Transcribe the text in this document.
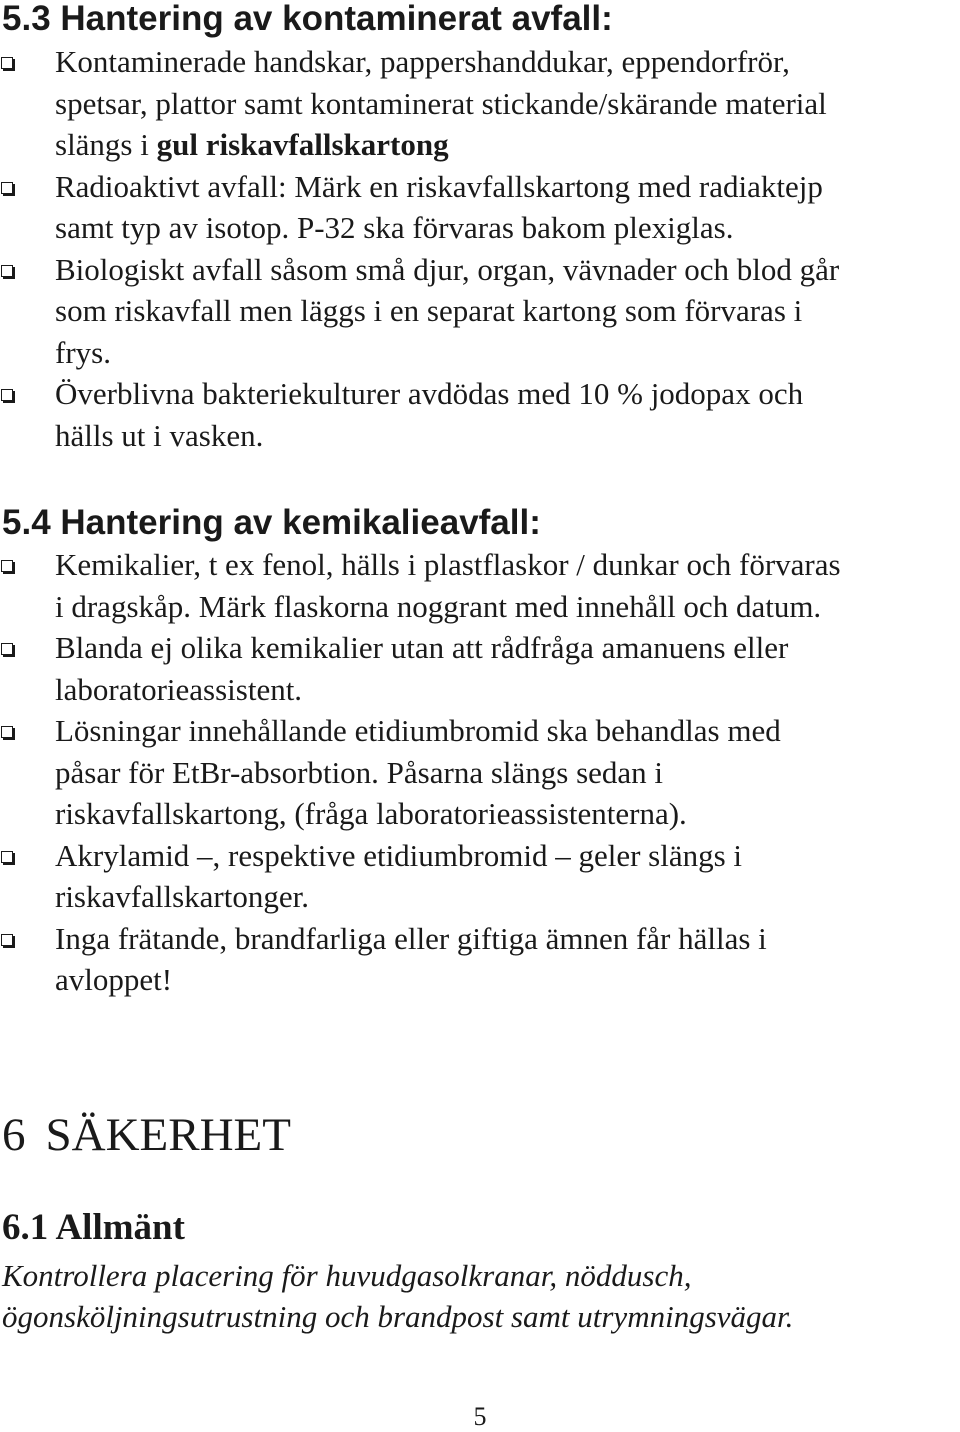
5.3 Hantering av kontaminerat avfall:
Kontaminerade handskar, pappershanddukar, eppendorfrör,
spetsar, plattor samt kontaminerat stickande/skärande material
slängs i gul riskavfallskartong
Radioaktivt avfall: Märk en riskavfallskartong med radiaktejp
samt typ av isotop. P-32 ska förvaras bakom plexiglas.
Biologiskt avfall såsom små djur, organ, vävnader och blod går
som riskavfall men läggs i en separat kartong som förvaras i
frys.
Överblivna bakteriekulturer avdödas med 10 % jodopax och
hälls ut i vasken.
5.4 Hantering av kemikalieavfall:
Kemikalier, t ex fenol, hälls i plastflaskor / dunkar och förvaras
i dragskåp. Märk flaskorna noggrant med innehåll och datum.
Blanda ej olika kemikalier utan att rådfråga amanuens eller
laboratorieassistent.
Lösningar innehållande etidiumbromid ska behandlas med
påsar för EtBr-absorbtion. Påsarna slängs sedan i
riskavfallskartong, (fråga laboratorieassistenterna).
Akrylamid –, respektive etidiumbromid – geler slängs i
riskavfallskartonger.
Inga frätande, brandfarliga eller giftiga ämnen får hällas i
avloppet!
6 SÄKERHET
6.1 Allmänt

Kontrollera placering för huvudgasolkranar, nöddusch,
ögonsköljningsutrustning och brandpost samt utrymningsvägar.

5
